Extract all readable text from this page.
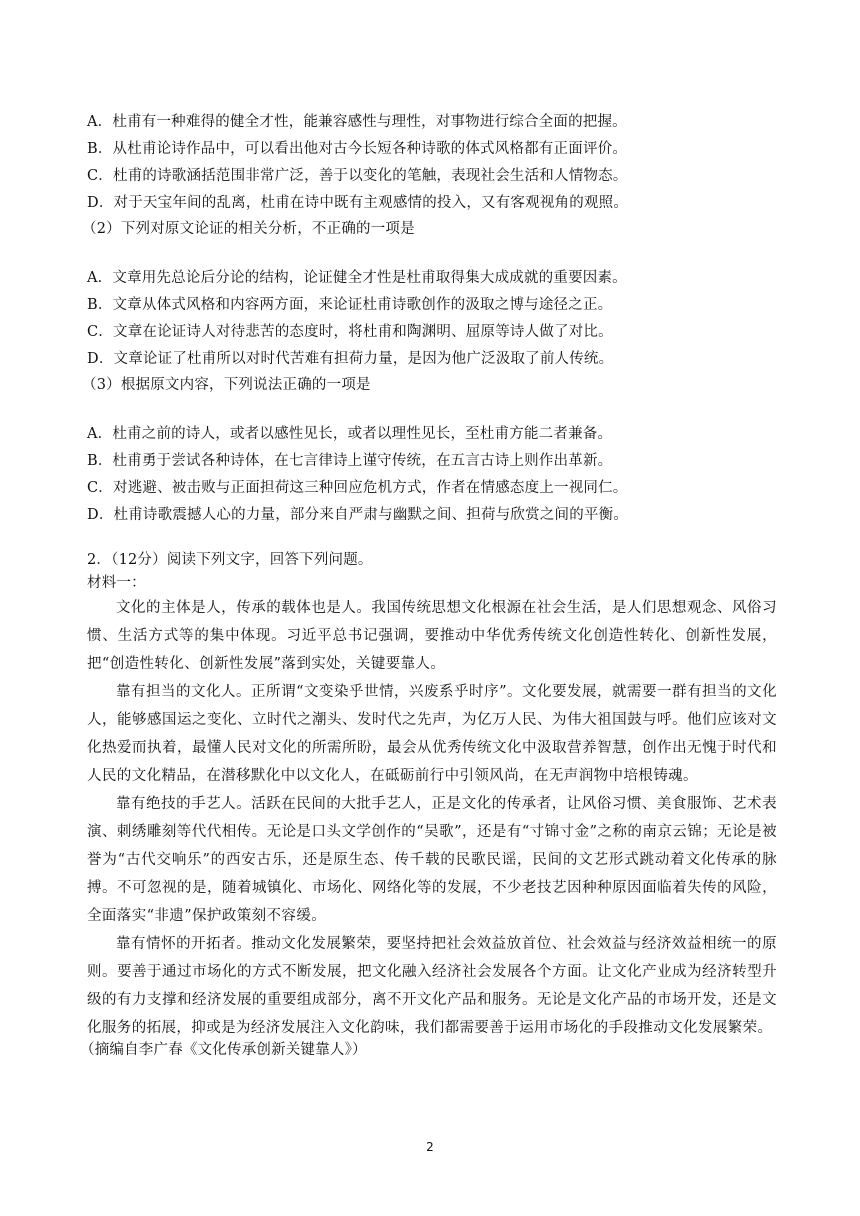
A．杜甫有一种难得的健全才性，能兼容感性与理性，对事物进行综合全面的把握。
B．从杜甫论诗作品中，可以看出他对古今长短各种诗歌的体式风格都有正面评价。
C．杜甫的诗歌涵括范围非常广泛，善于以变化的笔触，表现社会生活和人情物态。
D．对于天宝年间的乱离，杜甫在诗中既有主观感情的投入，又有客观视角的观照。
（2）下列对原文论证的相关分析，不正确的一项是
A．文章用先总论后分论的结构，论证健全才性是杜甫取得集大成成就的重要因素。
B．文章从体式风格和内容两方面，来论证杜甫诗歌创作的汲取之博与途径之正。
C．文章在论证诗人对待悲苦的态度时，将杜甫和陶渊明、屈原等诗人做了对比。
D．文章论证了杜甫所以对时代苦难有担荷力量，是因为他广泛汲取了前人传统。
（3）根据原文内容，下列说法正确的一项是
A．杜甫之前的诗人，或者以感性见长，或者以理性见长，至杜甫方能二者兼备。
B．杜甫勇于尝试各种诗体，在七言律诗上谨守传统，在五言古诗上则作出革新。
C．对逃避、被击败与正面担荷这三种回应危机方式，作者在情感态度上一视同仁。
D．杜甫诗歌震撼人心的力量，部分来自严肃与幽默之间、担荷与欣赏之间的平衡。
2．（12分）阅读下列文字，回答下列问题。
材料一：

文化的主体是人，传承的载体也是人。我国传统思想文化根源在社会生活，是人们思想观念、风俗习惯、生活方式等的集中体现。习近平总书记强调，要推动中华优秀传统文化创造性转化、创新性发展，把“创造性转化、创新性发展”落到实处，关键要靠人。

靠有担当的文化人。正所谓“文变染乎世情，兴废系乎时序”。文化要发展，就需要一群有担当的文化人，能够感国运之变化、立时代之潮头、发时代之先声，为亿万人民、为伟大祖国鼓与呼。他们应该对文化热爱而执着，最懂人民对文化的所需所盼，最会从优秀传统文化中汲取营养智慧，创作出无愧于时代和人民的文化精品，在潜移默化中以文化人，在砥砺前行中引领风尚，在无声润物中培根铸魂。

靠有绝技的手艺人。活跃在民间的大批手艺人，正是文化的传承者，让风俗习惯、美食服饰、艺术表演、刺绣雕刻等代代相传。无论是口头文学创作的“吴歌”，还是有“寸锦寸金”之称的南京云锦；无论是被誉为“古代交响乐”的西安古乐，还是原生态、传千载的民歌民谣，民间的文艺形式跳动着文化传承的脉搏。不可忽视的是，随着城镇化、市场化、网络化等的发展，不少老技艺因种种原因面临着失传的风险，全面落实“非遗”保护政策刻不容缓。

靠有情怀的开拓者。推动文化发展繁荣，要坚持把社会效益放首位、社会效益与经济效益相统一的原则。要善于通过市场化的方式不断发展，把文化融入经济社会发展各个方面。让文化产业成为经济转型升级的有力支撑和经济发展的重要组成部分，离不开文化产品和服务。无论是文化产品的市场开发，还是文化服务的拓展，抑或是为经济发展注入文化韵味，我们都需要善于运用市场化的手段推动文化发展繁荣。

（摘编自李广春《文化传承创新关键靠人》）
2
